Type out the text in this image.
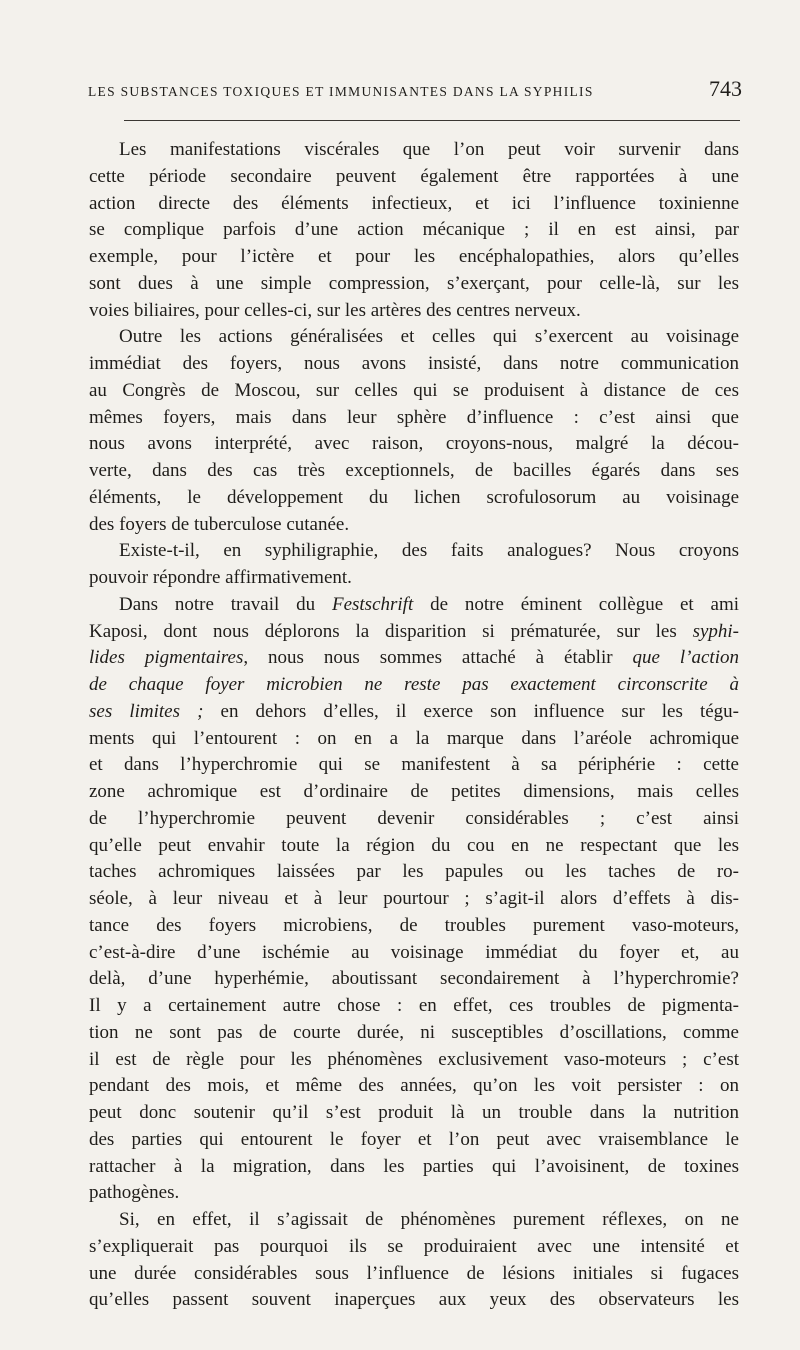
LES SUBSTANCES TOXIQUES ET IMMUNISANTES DANS LA SYPHILIS	743
Les manifestations viscérales que l’on peut voir survenir dans
cette période secondaire peuvent également être rapportées à une
action directe des éléments infectieux, et ici l’influence toxinienne
se complique parfois d’une action mécanique ; il en est ainsi, par
exemple, pour l’ictère et pour les encéphalopathies, alors qu’elles
sont dues à une simple compression, s’exerçant, pour celle-là, sur les
voies biliaires, pour celles-ci, sur les artères des centres nerveux.
Outre les actions généralisées et celles qui s’exercent au voisinage
immédiat des foyers, nous avons insisté, dans notre communication
au Congrès de Moscou, sur celles qui se produisent à distance de ces
mêmes foyers, mais dans leur sphère d’influence : c’est ainsi que
nous avons interprété, avec raison, croyons-nous, malgré la décou-
verte, dans des cas très exceptionnels, de bacilles égarés dans ses
éléments, le développement du lichen scrofulosorum au voisinage
des foyers de tuberculose cutanée.
Existe-t-il, en syphiligraphie, des faits analogues? Nous croyons
pouvoir répondre affirmativement.
Dans notre travail du Festschrift de notre éminent collègue et ami
Kaposi, dont nous déplorons la disparition si prématurée, sur les syphi-
lides pigmentaires, nous nous sommes attaché à établir que l’action
de chaque foyer microbien ne reste pas exactement circonscrite à
ses limites ; en dehors d’elles, il exerce son influence sur les tégu-
ments qui l’entourent : on en a la marque dans l’aréole achromique
et dans l’hyperchromie qui se manifestent à sa périphérie : cette
zone achromique est d’ordinaire de petites dimensions, mais celles
de l’hyperchromie peuvent devenir considérables ; c’est ainsi
qu’elle peut envahir toute la région du cou en ne respectant que les
taches achromiques laissées par les papules ou les taches de ro-
séole, à leur niveau et à leur pourtour ; s’agit-il alors d’effets à dis-
tance des foyers microbiens, de troubles purement vaso-moteurs,
c’est-à-dire d’une ischémie au voisinage immédiat du foyer et, au
delà, d’une hyperhémie, aboutissant secondairement à l’hyperchromie?
Il y a certainement autre chose : en effet, ces troubles de pigmenta-
tion ne sont pas de courte durée, ni susceptibles d’oscillations, comme
il est de règle pour les phénomènes exclusivement vaso-moteurs ; c’est
pendant des mois, et même des années, qu’on les voit persister : on
peut donc soutenir qu’il s’est produit là un trouble dans la nutrition
des parties qui entourent le foyer et l’on peut avec vraisemblance le
rattacher à la migration, dans les parties qui l’avoisinent, de toxines
pathogènes.
Si, en effet, il s’agissait de phénomènes purement réflexes, on ne
s’expliquerait pas pourquoi ils se produiraient avec une intensité et
une durée considérables sous l’influence de lésions initiales si fugaces
qu’elles passent souvent inaperçues aux yeux des observateurs les
